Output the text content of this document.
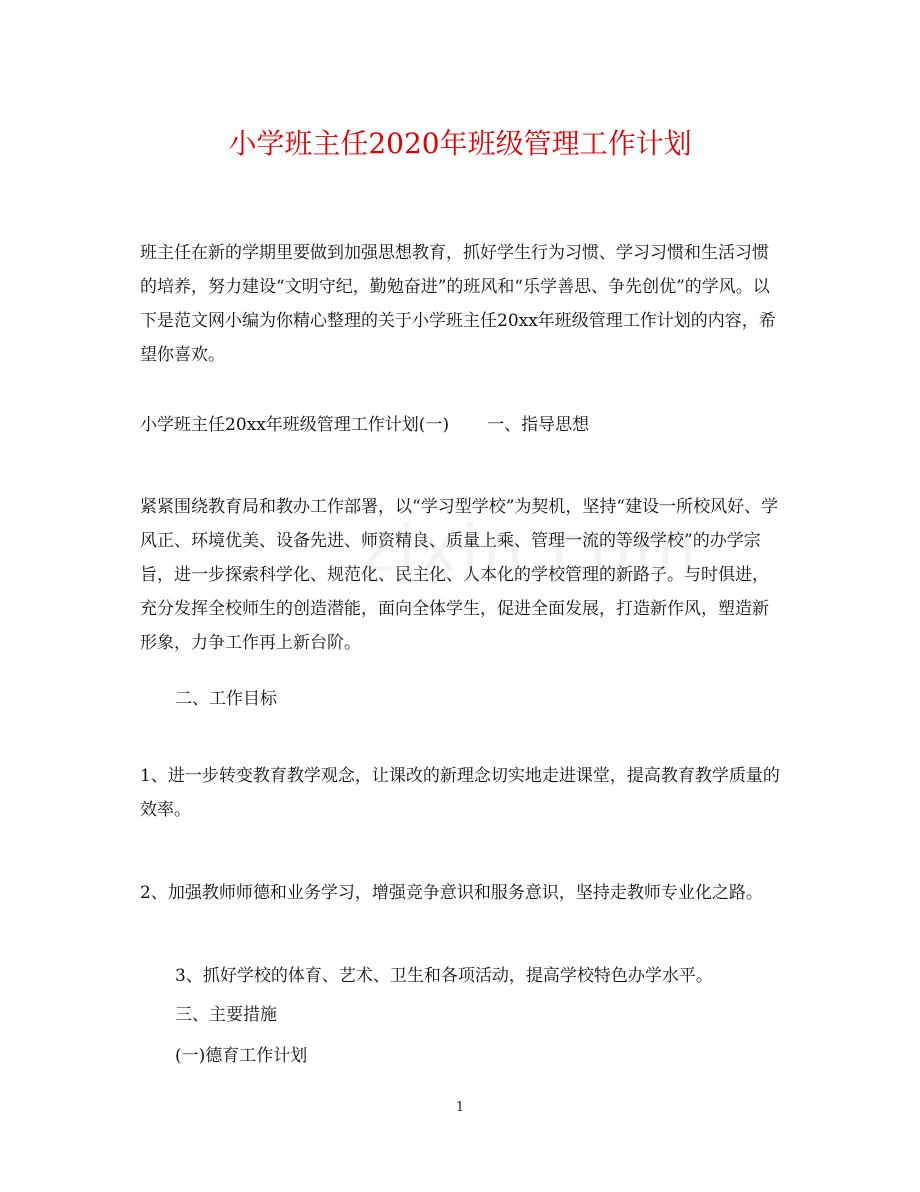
小学班主任2020年班级管理工作计划

班主任在新的学期里要做到加强思想教育，抓好学生行为习惯、学习习惯和生活习惯的培养，努力建设“文明守纪，勤勉奋进”的班风和“乐学善思、争先创优”的学风。以下是范文网小编为你精心整理的关于小学班主任20xx年班级管理工作计划的内容，希望你喜欢。

小学班主任20xx年班级管理工作计划(一) 一、指导思想

紧紧围绕教育局和教办工作部署，以“学习型学校”为契机，坚持“建设一所校风好、学风正、环境优美、设备先进、师资精良、质量上乘、管理一流的等级学校”的办学宗旨，进一步探索科学化、规范化、民主化、人本化的学校管理的新路子。与时俱进，充分发挥全校师生的创造潜能，面向全体学生，促进全面发展，打造新作风，塑造新形象，力争工作再上新台阶。

二、工作目标

1、进一步转变教育教学观念，让课改的新理念切实地走进课堂，提高教育教学质量的效率。

2、加强教师师德和业务学习，增强竞争意识和服务意识，坚持走教师专业化之路。

3、抓好学校的体育、艺术、卫生和各项活动，提高学校特色办学水平。

三、主要措施

(一)德育工作计划

1
